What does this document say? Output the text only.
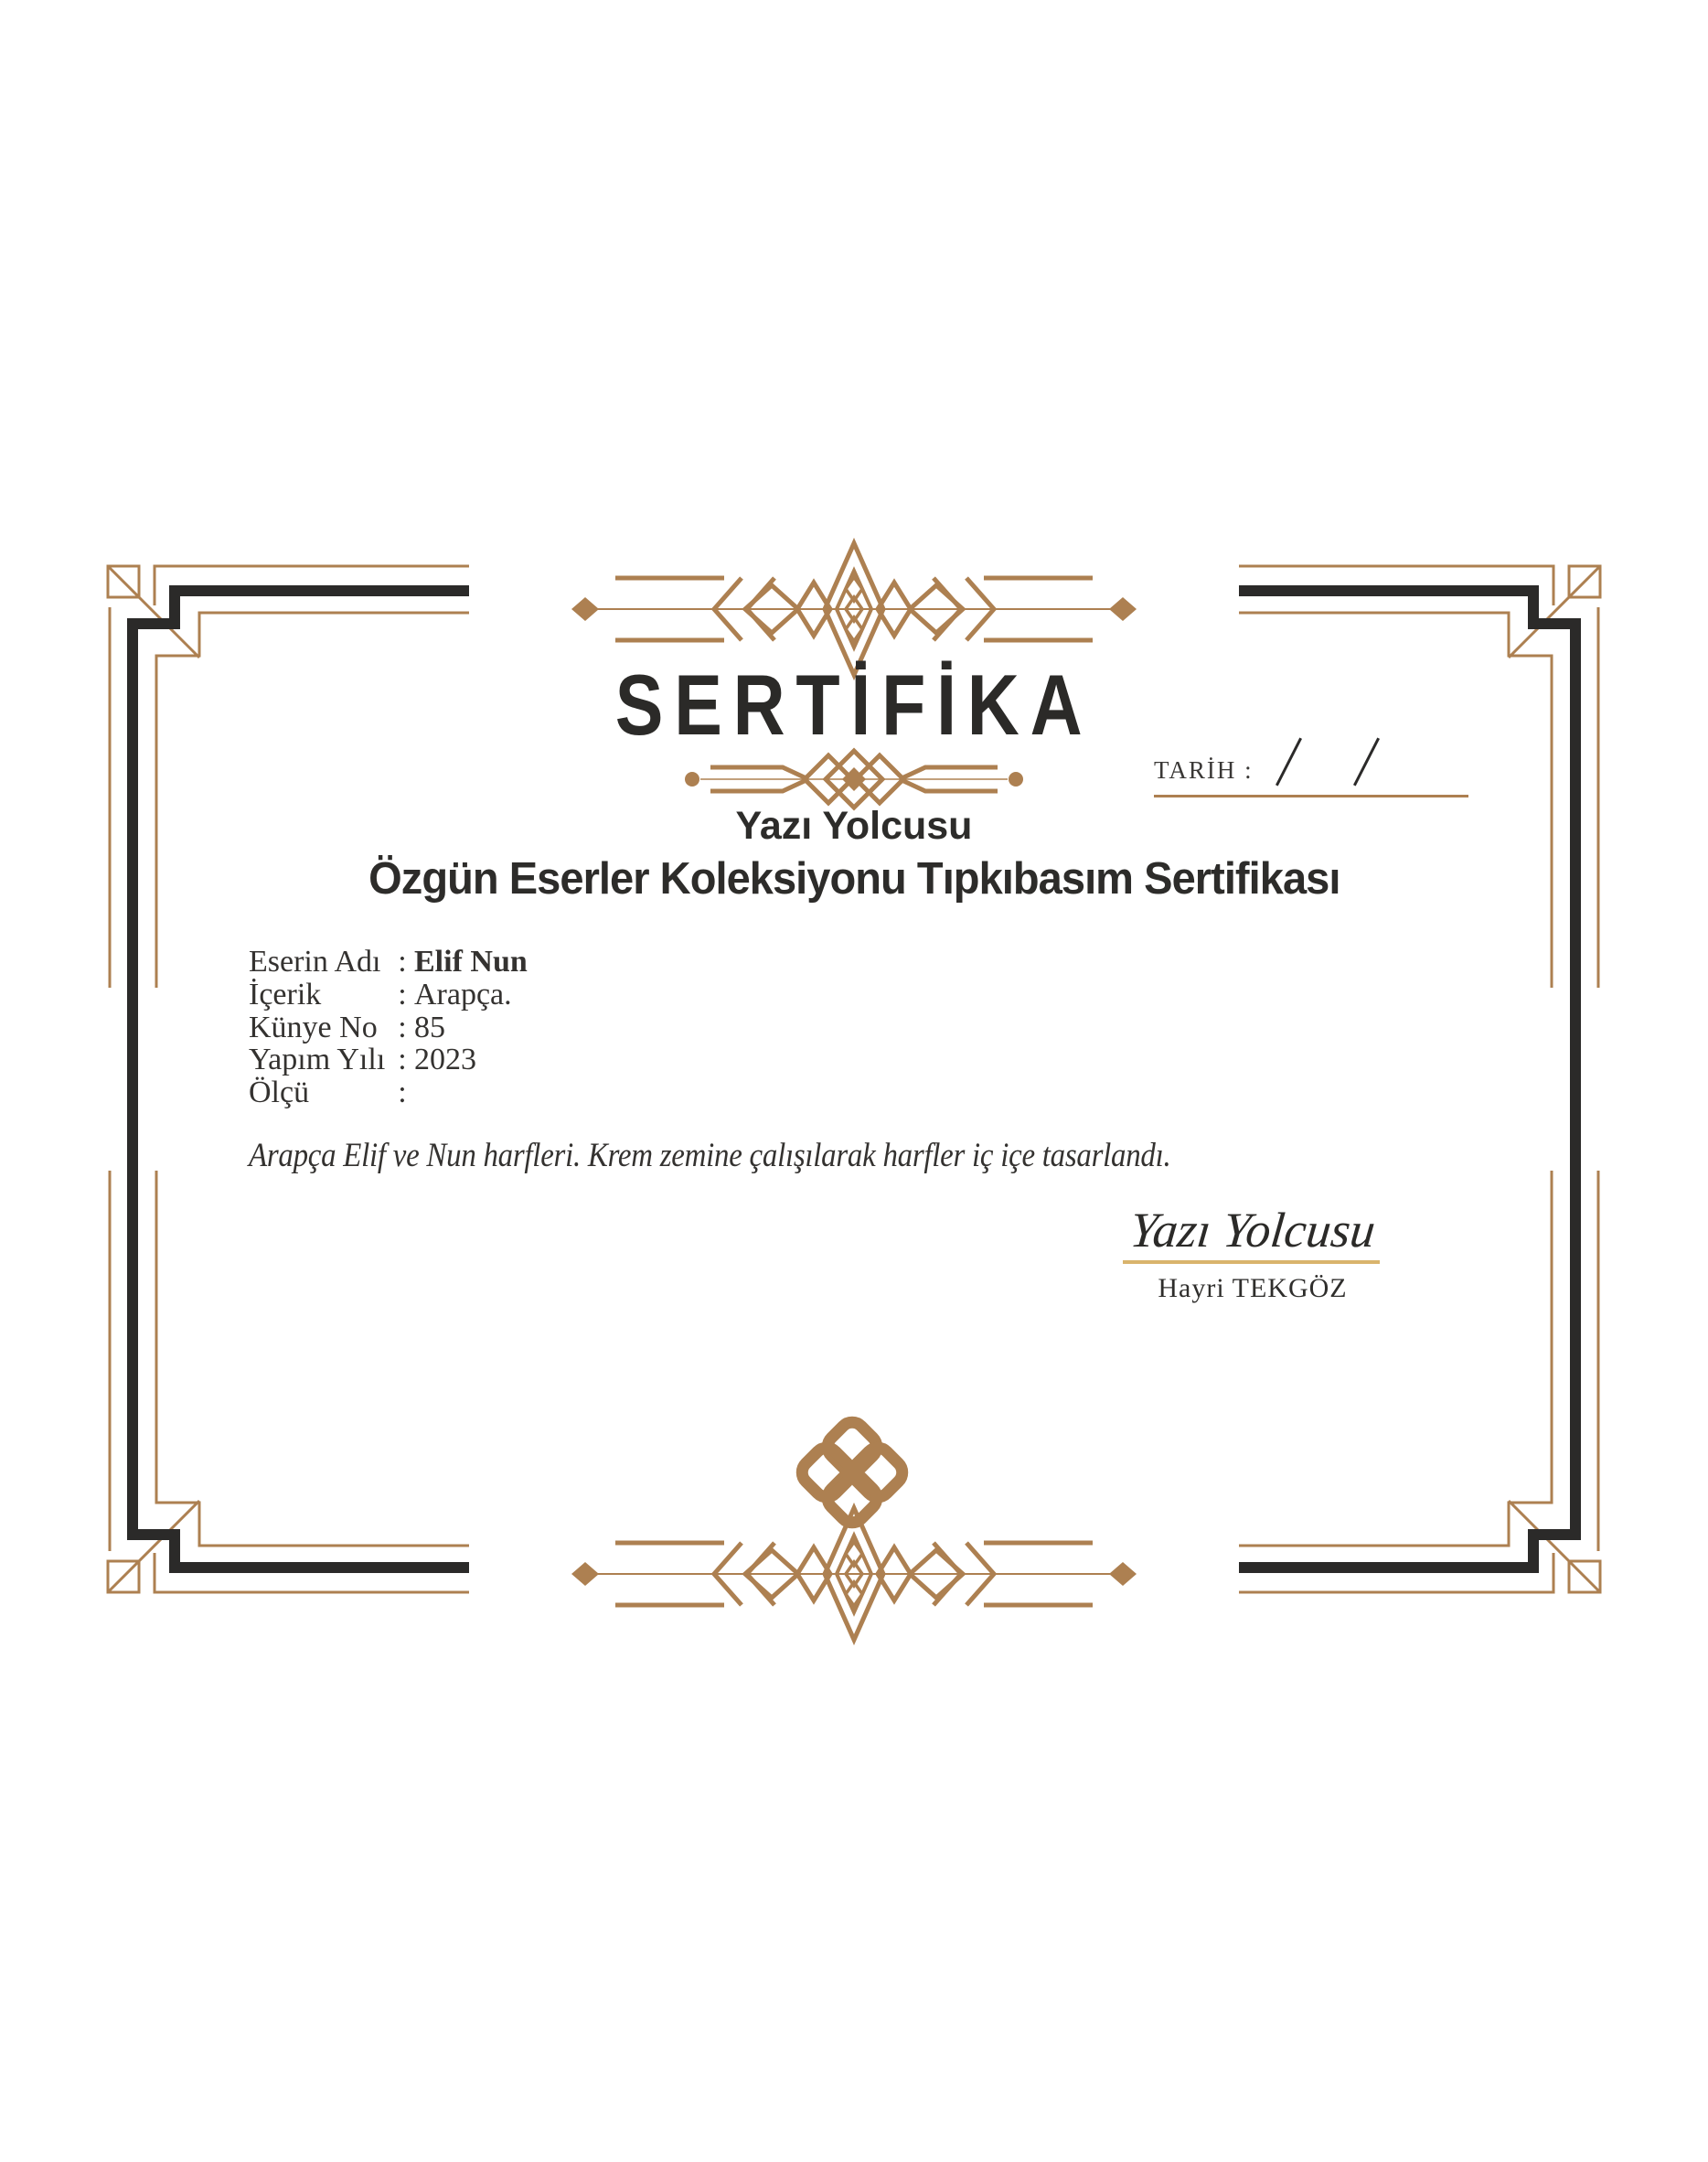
SERTİFİKA
TARİH :
Yazı Yolcusu
Özgün Eserler Koleksiyonu Tıpkıbasım Sertifikası
Eserin Adı : Elif Nun
İçerik	: Arapça.
Künye No : 85
Yapım Yılı : 2023
Ölçü	:
Arapça Elif ve Nun harfleri. Krem zemine çalışılarak harfler iç içe tasarlandı.
Yazı Yolcusu
Hayri TEKGÖZ
